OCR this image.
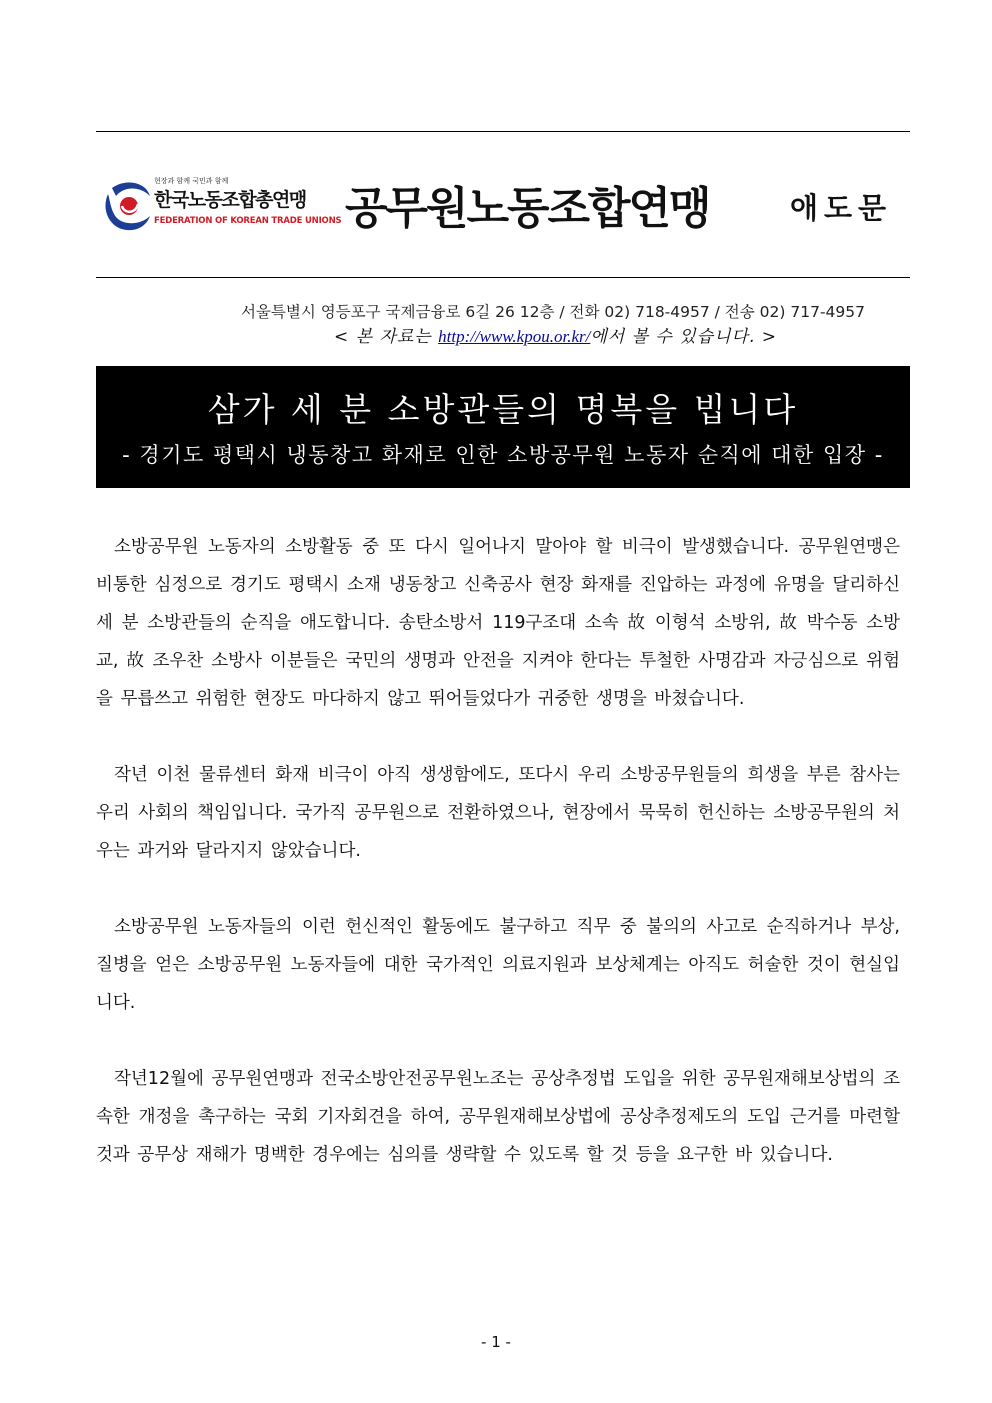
현장과 함께 국민과 함께
한국노동조합총연맹
FEDERATION OF KOREAN TRADE UNIONS 공무원노동조합연맹	애도문
서울특별시 영등포구 국제금융로 6길 26 12층 / 전화 02) 718-4957 / 전송 02) 717-4957
< 본 자료는 http://www.kpou.or.kr/에서 볼 수 있습니다. >
삼가 세 분 소방관들의 명복을 빕니다
- 경기도 평택시 냉동창고 화재로 인한 소방공무원 노동자 순직에 대한 입장 -

소방공무원 노동자의 소방활동 중 또 다시 일어나지 말아야 할 비극이 발생했습니다. 공무원연맹은 비통한 심정으로 경기도 평택시 소재 냉동창고 신축공사 현장 화재를 진압하는 과정에 유명을 달리하신 세 분 소방관들의 순직을 애도합니다. 송탄소방서 119구조대 소속 故 이형석 소방위, 故 박수동 소방교, 故 조우찬 소방사 이분들은 국민의 생명과 안전을 지켜야 한다는 투철한 사명감과 자긍심으로 위험을 무릅쓰고 위험한 현장도 마다하지 않고 뛰어들었다가 귀중한 생명을 바쳤습니다.

작년 이천 물류센터 화재 비극이 아직 생생함에도, 또다시 우리 소방공무원들의 희생을 부른 참사는 우리 사회의 책임입니다. 국가직 공무원으로 전환하였으나, 현장에서 묵묵히 헌신하는 소방공무원의 처우는 과거와 달라지지 않았습니다.

소방공무원 노동자들의 이런 헌신적인 활동에도 불구하고 직무 중 불의의 사고로 순직하거나 부상, 질병을 얻은 소방공무원 노동자들에 대한 국가적인 의료지원과 보상체계는 아직도 허술한 것이 현실입니다.

작년12월에 공무원연맹과 전국소방안전공무원노조는 공상추정법 도입을 위한 공무원재해보상법의 조속한 개정을 촉구하는 국회 기자회견을 하여, 공무원재해보상법에 공상추정제도의 도입 근거를 마련할 것과 공무상 재해가 명백한 경우에는 심의를 생략할 수 있도록 할 것 등을 요구한 바 있습니다.

- 1 -
